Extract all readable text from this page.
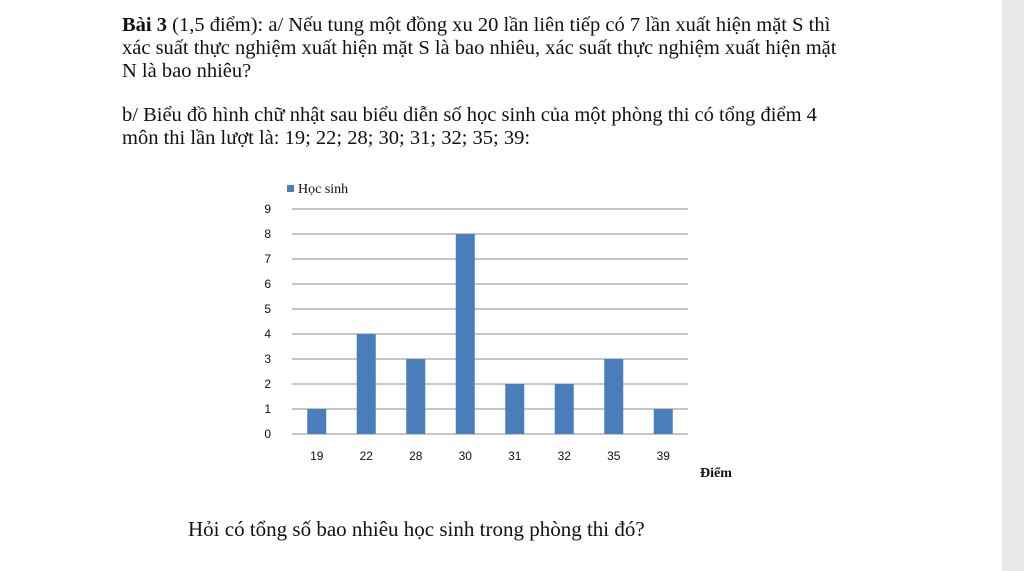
Bài 3 (1,5 điểm): a/ Nếu tung một đồng xu 20 lần liên tiếp có 7 lần xuất hiện mặt S thì
xác suất thực nghiệm xuất hiện mặt S là bao nhiêu, xác suất thực nghiệm xuất hiện mặt
N là bao nhiêu?

b/ Biểu đồ hình chữ nhật sau biểu diễn số học sinh của một phòng thi có tổng điểm 4
môn thi lần lượt là: 19; 22; 28; 30; 31; 32; 35; 39:

0
1
2
3
4
5
6
7
8
9
19	22	28	30	31	32	35	39
Học sinh
Điểm

Hỏi có tổng số bao nhiêu học sinh trong phòng thi đó?
